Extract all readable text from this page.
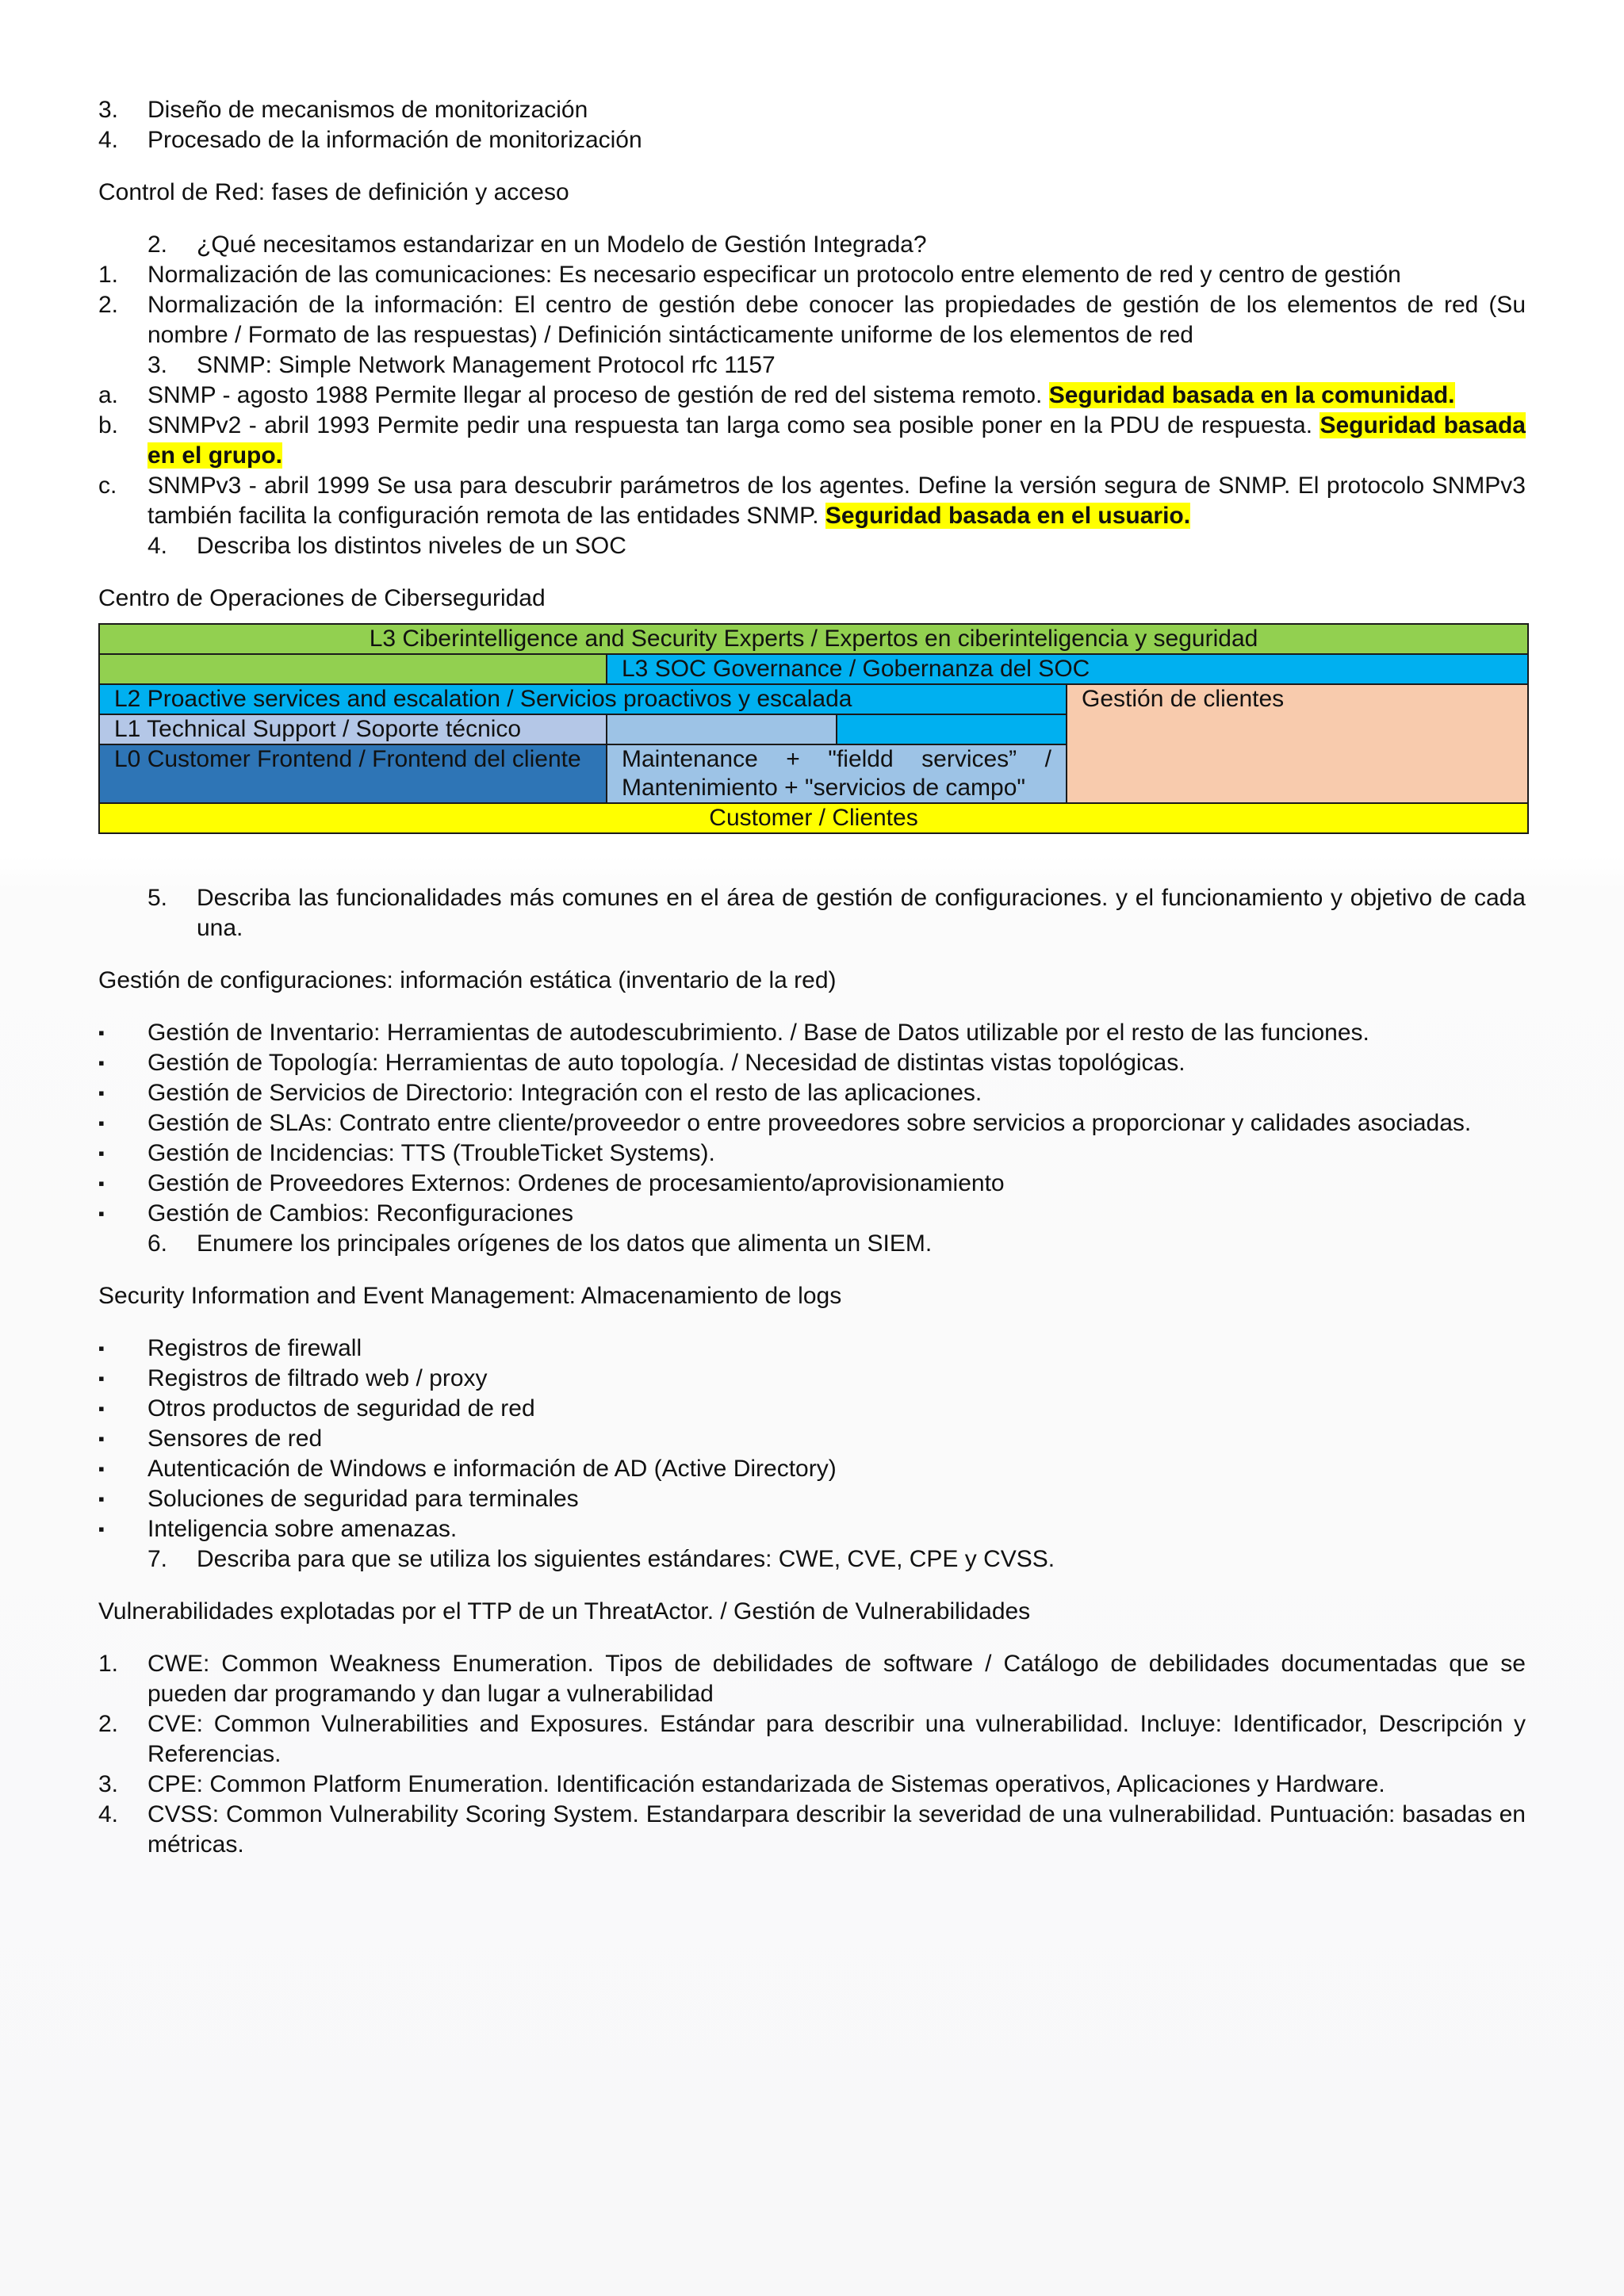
3.	Diseño de mecanismos de monitorización
4.	Procesado de la información de monitorización

Control de Red: fases de definición y acceso

2.	¿Qué necesitamos estandarizar en un Modelo de Gestión Integrada?
1.	Normalización de las comunicaciones: Es necesario especificar un protocolo entre elemento de red y centro de gestión
2.	Normalización de la información: El centro de gestión debe conocer las propiedades de gestión de los elementos de red (Su nombre / Formato de las respuestas) / Definición sintácticamente uniforme de los elementos de red
3.	SNMP: Simple Network Management Protocol rfc 1157
a.	SNMP - agosto 1988 Permite llegar al proceso de gestión de red del sistema remoto. Seguridad basada en la comunidad.
b.	SNMPv2 - abril 1993 Permite pedir una respuesta tan larga como sea posible poner en la PDU de respuesta. Seguridad basada en el grupo.
c.	SNMPv3 - abril 1999 Se usa para descubrir parámetros de los agentes. Define la versión segura de SNMP. El protocolo SNMPv3 también facilita la configuración remota de las entidades SNMP. Seguridad basada en el usuario.
4.	Describa los distintos niveles de un SOC

Centro de Operaciones de Ciberseguridad

L3 Ciberintelligence and Security Experts / Expertos en ciberinteligencia y seguridad			
	L3 SOC Governance / Gobernanza del SOC		
L2 Proactive services and escalation / Servicios proactivos y escalada			Gestión de clientes
L1 Technical Support / Soporte técnico			
L0 Customer Frontend / Frontend del cliente	Maintenance + "fieldd services” /
Mantenimiento + "servicios de campo"		

Customer / Clientes			
5.	Describa las funcionalidades más comunes en el área de gestión de configuraciones. y el funcionamiento y objetivo de cada una.

Gestión de configuraciones: información estática (inventario de la red)

▪	Gestión de Inventario: Herramientas de autodescubrimiento. / Base de Datos utilizable por el resto de las funciones.
▪	Gestión de Topología: Herramientas de auto topología. / Necesidad de distintas vistas topológicas.
▪	Gestión de Servicios de Directorio: Integración con el resto de las aplicaciones.
▪	Gestión de SLAs: Contrato entre cliente/proveedor o entre proveedores sobre servicios a proporcionar y calidades asociadas.
▪	Gestión de Incidencias: TTS (TroubleTicket Systems).
▪	Gestión de Proveedores Externos: Ordenes de procesamiento/aprovisionamiento
▪	Gestión de Cambios: Reconfiguraciones
6.	Enumere los principales orígenes de los datos que alimenta un SIEM.

Security Information and Event Management: Almacenamiento de logs

▪	Registros de firewall
▪	Registros de filtrado web / proxy
▪	Otros productos de seguridad de red
▪	Sensores de red
▪	Autenticación de Windows e información de AD (Active Directory)
▪	Soluciones de seguridad para terminales
▪	Inteligencia sobre amenazas.
7.	Describa para que se utiliza los siguientes estándares: CWE, CVE, CPE y CVSS.

Vulnerabilidades explotadas por el TTP de un ThreatActor. / Gestión de Vulnerabilidades

1.	CWE: Common Weakness Enumeration. Tipos de debilidades de software / Catálogo de debilidades documentadas que se pueden dar programando y dan lugar a vulnerabilidad
2.	CVE: Common Vulnerabilities and Exposures. Estándar para describir una vulnerabilidad. Incluye: Identificador, Descripción y Referencias.
3.	CPE: Common Platform Enumeration. Identificación estandarizada de Sistemas operativos, Aplicaciones y Hardware.
4.	CVSS: Common Vulnerability Scoring System. Estandarpara describir la severidad de una vulnerabilidad. Puntuación: basadas en métricas.
